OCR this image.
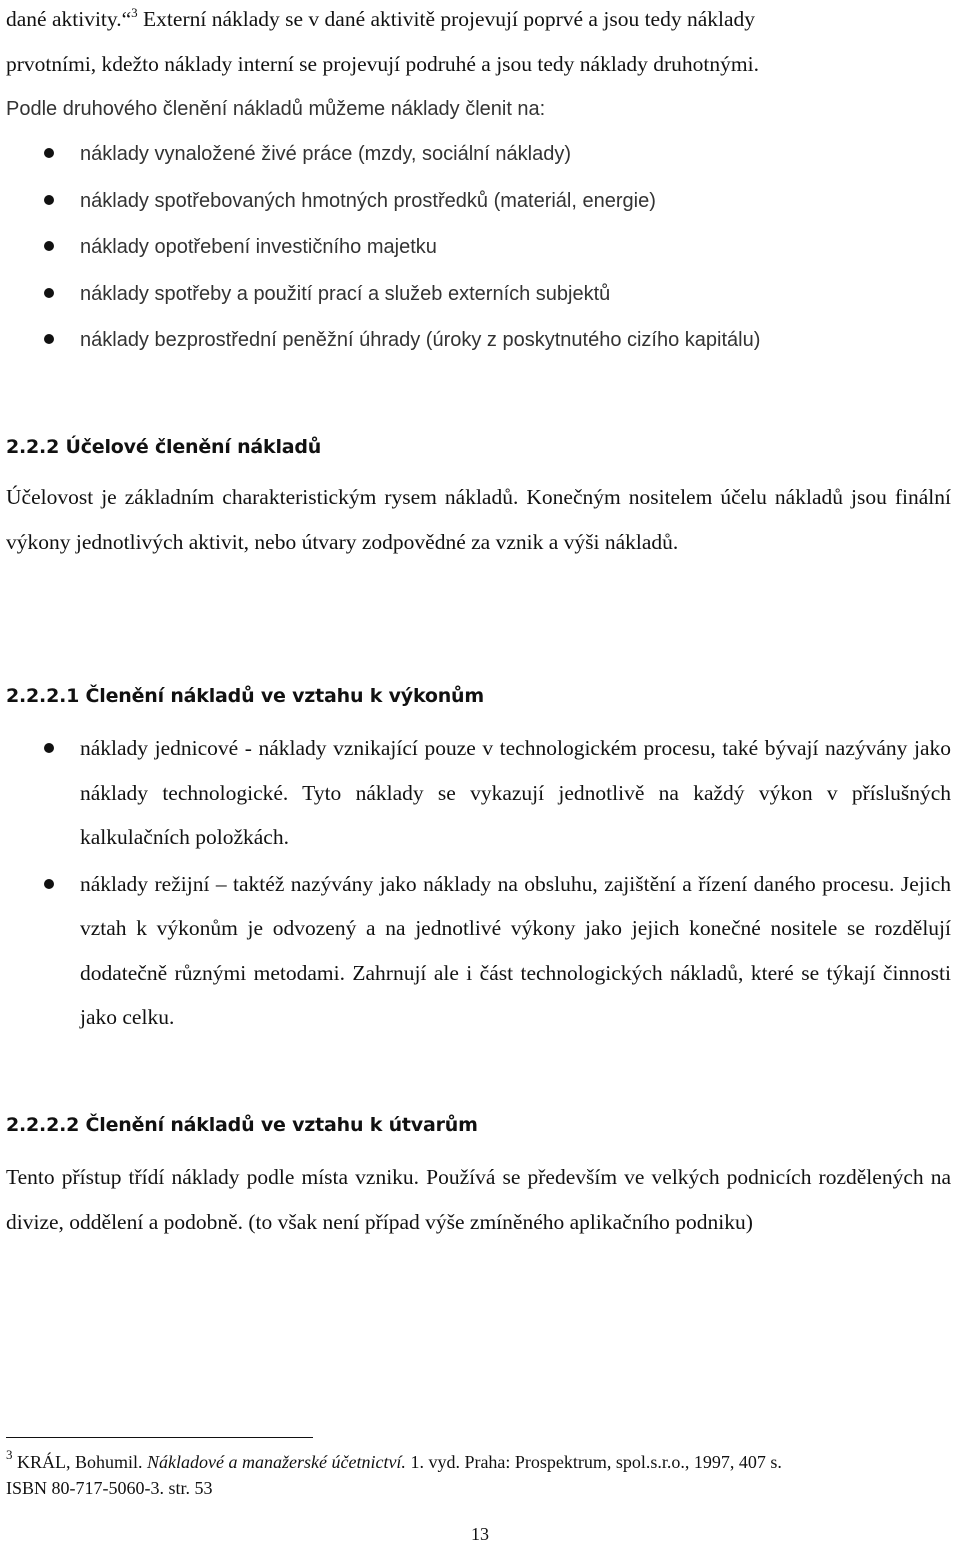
dané aktivity.“$^3$ Externí náklady se v dané aktivitě projevují poprvé a jsou tedy náklady

prvotními, kdežto náklady interní se projevují podruhé a jsou tedy náklady druhotnými.

Podle druhového členění nákladů můžeme náklady členit na:

náklady vynaložené živé práce (mzdy, sociální náklady)
náklady spotřebovaných hmotných prostředků (materiál, energie)
náklady opotřebení investičního majetku
náklady spotřeby a použití prací a služeb externích subjektů
náklady bezprostřední peněžní úhrady (úroky z poskytnutého cizího kapitálu)
2.2.2 Účelové členění nákladů

Účelovost je základním charakteristickým rysem nákladů. Konečným nositelem účelu nákladů jsou finální výkony jednotlivých aktivit, nebo útvary zodpovědné za vznik a výši nákladů.

2.2.2.1 Členění nákladů ve vztahu k výkonům
náklady jednicové - náklady vznikající pouze v technologickém procesu, také bývají nazývány jako náklady technologické. Tyto náklady se vykazují jednotlivě na každý výkon v příslušných kalkulačních položkách.
náklady režijní – taktéž nazývány jako náklady na obsluhu, zajištění a řízení daného procesu. Jejich vztah k výkonům je odvozený a na jednotlivé výkony jako jejich konečné nositele se rozdělují dodatečně různými metodami. Zahrnují ale i část technologických nákladů, které se týkají činnosti jako celku.
2.2.2.2 Členění nákladů ve vztahu k útvarům

Tento přístup třídí náklady podle místa vzniku. Používá se především ve velkých podnicích rozdělených na divize, oddělení a podobně. (to však není případ výše zmíněného aplikačního podniku)

$^3$ KRÁL, Bohumil. Nákladové a manažerské účetnictví. 1. vyd. Praha: Prospektrum, spol.s.r.o., 1997, 407 s.
ISBN 80-717-5060-3. str. 53

13
